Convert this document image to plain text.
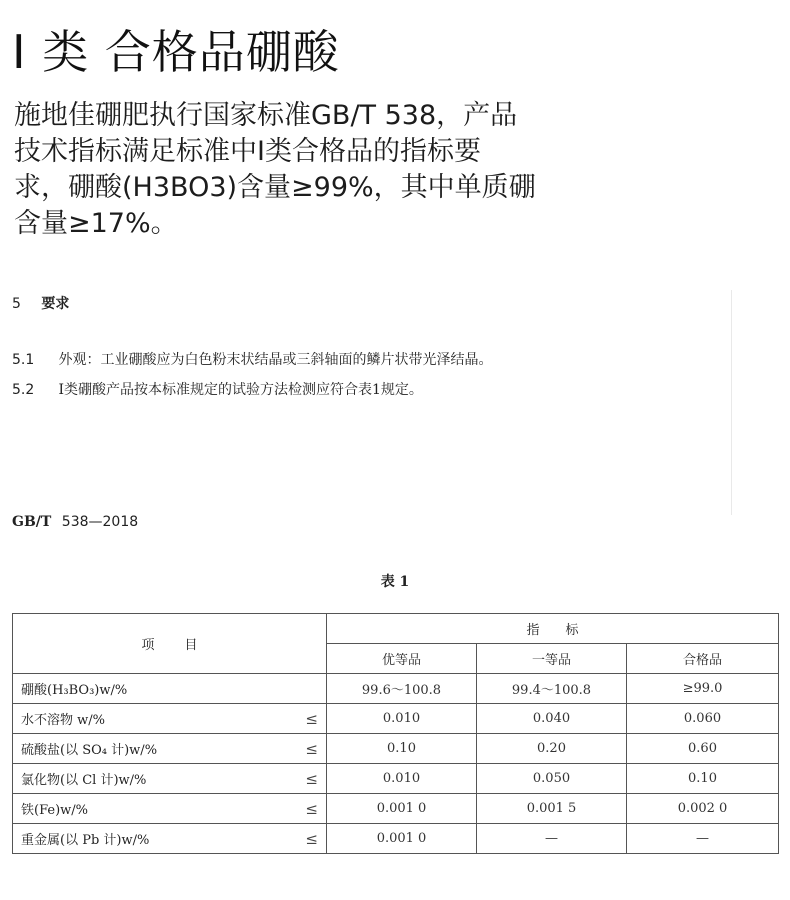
I 类 合格品硼酸
施地佳硼肥执行国家标准GB/T 538，产品
技术指标满足标准中Ⅰ类合格品的指标要
求，硼酸(H3BO3)含量≥99%，其中单质硼
含量≥17%。

5 要求

5.1 外观：工业硼酸应为白色粉末状结晶或三斜轴面的鳞片状带光泽结晶。

5.2 Ⅰ类硼酸产品按本标准规定的试验方法检测应符合表1规定。

GB/T 538—2018

表 1

项目	指标		
	优等品	一等品	合格品
硼酸(H₃BO₃)w/%	99.6～100.8	99.4～100.8	≥99.0
水不溶物 w/% ≤	0.010	0.040	0.060
硫酸盐(以 SO₄ 计)w/% ≤	0.10	0.20	0.60
氯化物(以 Cl 计)w/% ≤	0.010	0.050	0.10
铁(Fe)w/% ≤	0.001 0	0.001 5	0.002 0
重金属(以 Pb 计)w/% ≤	0.001 0	—	—
